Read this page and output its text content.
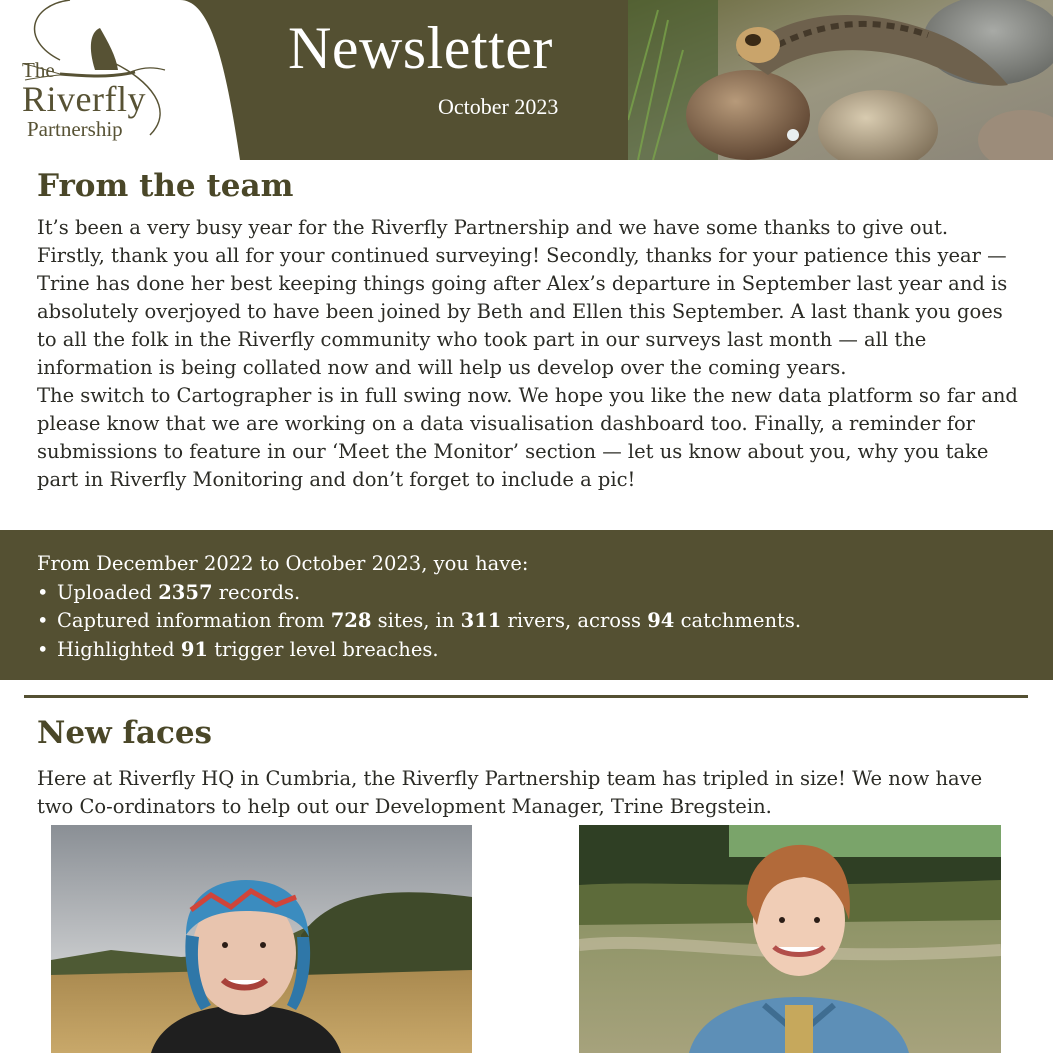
The
Riverfly
Partnership
Newsletter
October 2023
From the team

It’s been a very busy year for the Riverfly Partnership and we have some thanks to give out. Firstly, thank you all for your continued surveying! Secondly, thanks for your patience this year — Trine has done her best keeping things going after Alex’s departure in September last year and is absolutely overjoyed to have been joined by Beth and Ellen this September. A last thank you goes to all the folk in the Riverfly community who took part in our surveys last month — all the information is being collated now and will help us develop over the coming years.

The switch to Cartographer is in full swing now. We hope you like the new data platform so far and please know that we are working on a data visualisation dashboard too. Finally, a reminder for submissions to feature in our ‘Meet the Monitor’ section — let us know about you, why you take part in Riverfly Monitoring and don’t forget to include a pic!

From December 2022 to October 2023, you have:
• Uploaded 2357 records.
• Captured information from 728 sites, in 311 rivers, across 94 catchments.
• Highlighted 91 trigger level breaches.
New faces
Here at Riverfly HQ in Cumbria, the Riverfly Partnership team has tripled in size! We now have two Co-ordinators to help out our Development Manager, Trine Bregstein.
